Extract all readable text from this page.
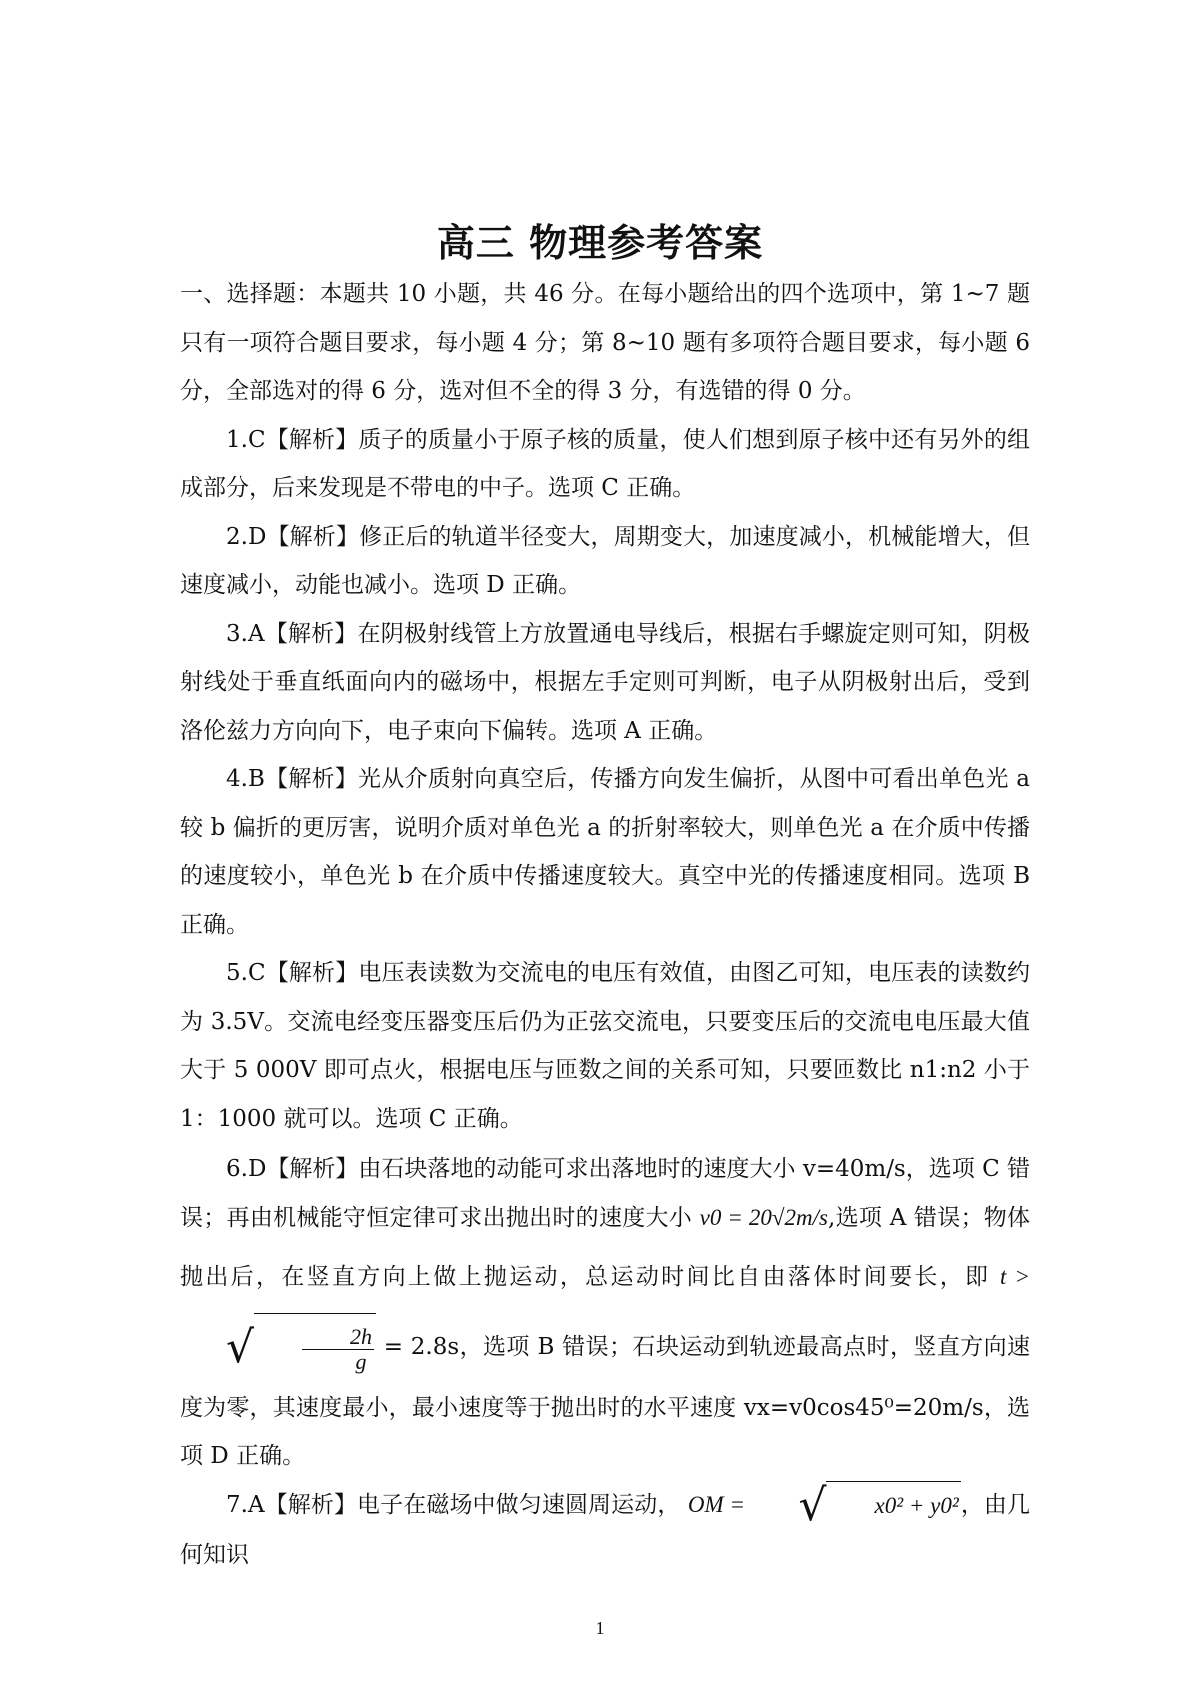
高三 物理参考答案

一、选择题：本题共 10 小题，共 46 分。在每小题给出的四个选项中，第 1~7 题只有一项符合题目要求，每小题 4 分；第 8~10 题有多项符合题目要求，每小题 6 分，全部选对的得 6 分，选对但不全的得 3 分，有选错的得 0 分。

1.C【解析】质子的质量小于原子核的质量，使人们想到原子核中还有另外的组成部分，后来发现是不带电的中子。选项 C 正确。

2.D【解析】修正后的轨道半径变大，周期变大，加速度减小，机械能增大，但速度减小，动能也减小。选项 D 正确。

3.A【解析】在阴极射线管上方放置通电导线后，根据右手螺旋定则可知，阴极射线处于垂直纸面向内的磁场中，根据左手定则可判断，电子从阴极射出后，受到洛伦兹力方向向下，电子束向下偏转。选项 A 正确。

4.B【解析】光从介质射向真空后，传播方向发生偏折，从图中可看出单色光 a 较 b 偏折的更厉害，说明介质对单色光 a 的折射率较大，则单色光 a 在介质中传播的速度较小，单色光 b 在介质中传播速度较大。真空中光的传播速度相同。选项 B 正确。

5.C【解析】电压表读数为交流电的电压有效值，由图乙可知，电压表的读数约为 3.5V。交流电经变压器变压后仍为正弦交流电，只要变压后的交流电电压最大值大于 5 000V 即可点火，根据电压与匝数之间的关系可知，只要匝数比 n1:n2 小于 1：1000 就可以。选项 C 正确。

6.D【解析】由石块落地的动能可求出落地时的速度大小 v=40m/s，选项 C 错误；再由机械能守恒定律可求出抛出时的速度大小 v0 = 20√2m/s,选项 A 错误；物体抛出后，在竖直方向上做上抛运动，总运动时间比自由落体时间要长，即 t > √ $\frac{2h}{g} = 2.8s$，选项 B 错误；石块运动到轨迹最高点时，竖直方向速度为零，其速度最小，最小速度等于抛出时的水平速度 vx=v0cos45⁰=20m/s，选项 D 正确。

7.A【解析】电子在磁场中做匀速圆周运动， OM = √ x0² + y0²，由几何知识

1
